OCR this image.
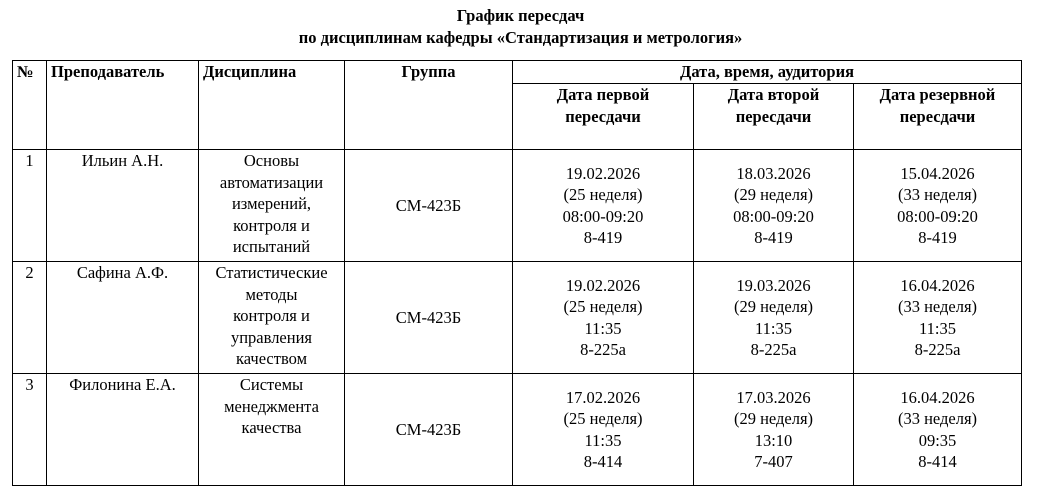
График пересдач
по дисциплинам кафедры «Стандартизация и метрология»
№	Преподаватель	Дисциплина	Группа	Дата, время, аудитория		

				Дата первой
пересдачи	Дата второй
пересдачи	Дата резервной
пересдачи

1	Ильин А.Н.	Основы
автоматизации
измерений,
контроля и
испытаний	СМ-423Б	19.02.2026
(25 неделя)
08:00-09:20
8-419	18.03.2026
(29 неделя)
08:00-09:20
8-419	15.04.2026
(33 неделя)
08:00-09:20
8-419

2	Сафина А.Ф.	Статистические
методы
контроля и
управления
качеством	СМ-423Б	19.02.2026
(25 неделя)
11:35
8-225а	19.03.2026
(29 неделя)
11:35
8-225а	16.04.2026
(33 неделя)
11:35
8-225а

3	Филонина Е.А.	Системы
менеджмента
качества	СМ-423Б	17.02.2026
(25 неделя)
11:35
8-414	17.03.2026
(29 неделя)
13:10
7-407	16.04.2026
(33 неделя)
09:35
8-414
